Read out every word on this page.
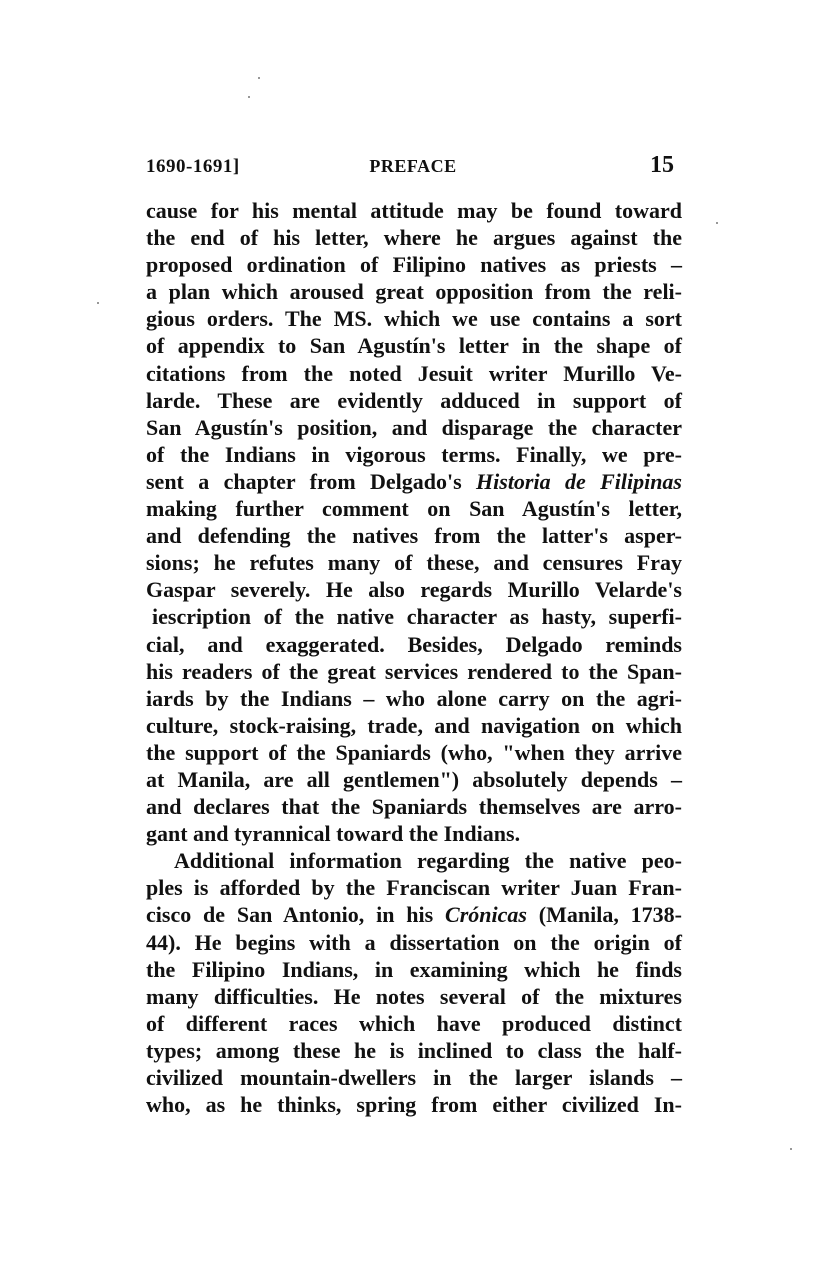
1690-1691]	PREFACE	15
cause for his mental attitude may be found toward
the end of his letter, where he argues against the
proposed ordination of Filipino natives as priests –
a plan which aroused great opposition from the reli-
gious orders. The MS. which we use contains a sort
of appendix to San Agustín's letter in the shape of
citations from the noted Jesuit writer Murillo Ve-
larde. These are evidently adduced in support of
San Agustín's position, and disparage the character
of the Indians in vigorous terms. Finally, we pre-
sent a chapter from Delgado's Historia de Filipinas
making further comment on San Agustín's letter,
and defending the natives from the latter's asper-
sions; he refutes many of these, and censures Fray
Gaspar severely. He also regards Murillo Velarde's
iescription of the native character as hasty, superfi-
cial, and exaggerated. Besides, Delgado reminds
his readers of the great services rendered to the Span-
iards by the Indians – who alone carry on the agri-
culture, stock-raising, trade, and navigation on which
the support of the Spaniards (who, "when they arrive
at Manila, are all gentlemen") absolutely depends –
and declares that the Spaniards themselves are arro-
gant and tyrannical toward the Indians.
Additional information regarding the native peo-
ples is afforded by the Franciscan writer Juan Fran-
cisco de San Antonio, in his Crónicas (Manila, 1738-
44). He begins with a dissertation on the origin of
the Filipino Indians, in examining which he finds
many difficulties. He notes several of the mixtures
of different races which have produced distinct
types; among these he is inclined to class the half-
civilized mountain-dwellers in the larger islands –
who, as he thinks, spring from either civilized In-
